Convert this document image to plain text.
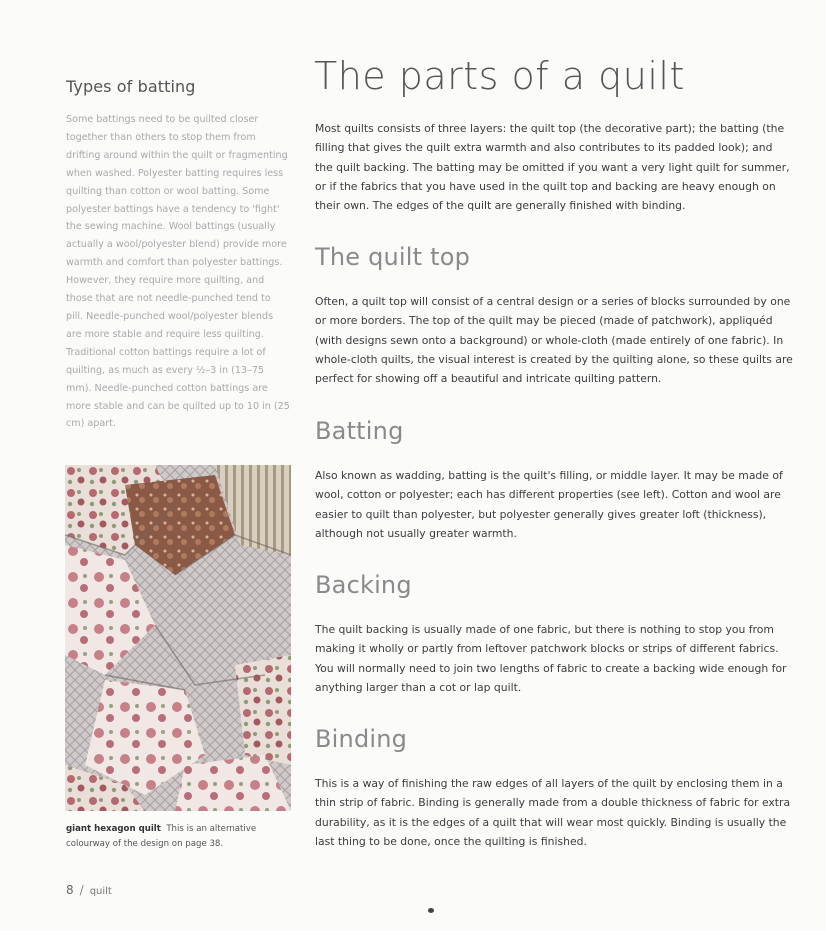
Types of batting

Some battings need to be quilted closer together than others to stop them from drifting around within the quilt or fragmenting when washed. Polyester batting requires less quilting than cotton or wool batting. Some polyester battings have a tendency to 'fight' the sewing machine. Wool battings (usually actually a wool/polyester blend) provide more warmth and comfort than polyester battings. However, they require more quilting, and those that are not needle-punched tend to pill. Needle-punched wool/polyester blends are more stable and require less quilting. Traditional cotton battings require a lot of quilting, as much as every ½–3 in (13–75 mm). Needle-punched cotton battings are more stable and can be quilted up to 10 in (25 cm) apart.

giant hexagon quilt This is an alternative colourway of the design on page 38.

8 / quilt
The parts of a quilt

Most quilts consists of three layers: the quilt top (the decorative part); the batting (the filling that gives the quilt extra warmth and also contributes to its padded look); and the quilt backing. The batting may be omitted if you want a very light quilt for summer, or if the fabrics that you have used in the quilt top and backing are heavy enough on their own. The edges of the quilt are generally finished with binding.

The quilt top

Often, a quilt top will consist of a central design or a series of blocks surrounded by one or more borders. The top of the quilt may be pieced (made of patchwork), appliquéd (with designs sewn onto a background) or whole-cloth (made entirely of one fabric). In whole-cloth quilts, the visual interest is created by the quilting alone, so these quilts are perfect for showing off a beautiful and intricate quilting pattern.

Batting

Also known as wadding, batting is the quilt's filling, or middle layer. It may be made of wool, cotton or polyester; each has different properties (see left). Cotton and wool are easier to quilt than polyester, but polyester generally gives greater loft (thickness), although not usually greater warmth.

Backing

The quilt backing is usually made of one fabric, but there is nothing to stop you from making it wholly or partly from leftover patchwork blocks or strips of different fabrics. You will normally need to join two lengths of fabric to create a backing wide enough for anything larger than a cot or lap quilt.

Binding

This is a way of finishing the raw edges of all layers of the quilt by enclosing them in a thin strip of fabric. Binding is generally made from a double thickness of fabric for extra durability, as it is the edges of a quilt that will wear most quickly. Binding is usually the last thing to be done, once the quilting is finished.
